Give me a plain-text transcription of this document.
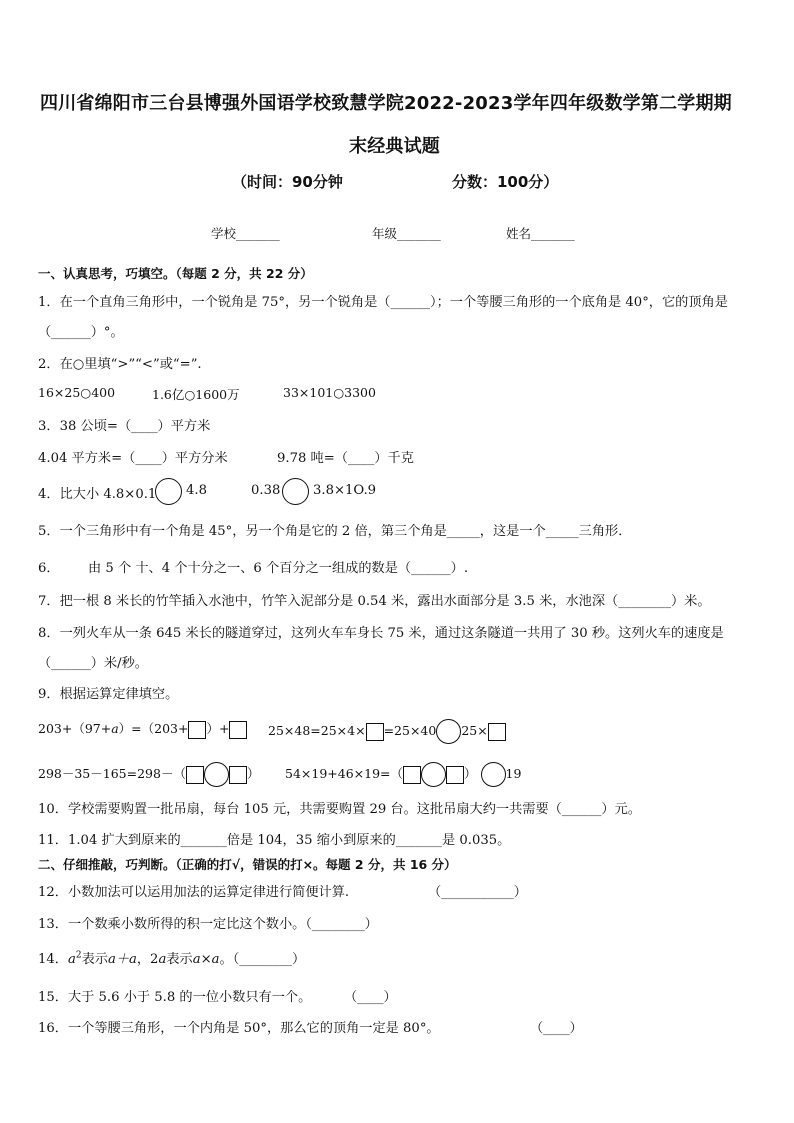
四川省绵阳市三台县博强外国语学校致慧学院2022-2023学年四年级数学第二学期期
末经典试题
（时间：90分钟	分数：100分）
学校_______	年级_______	姓名_______
一、认真思考，巧填空。（每题 2 分，共 22 分）
1．在一个直角三角形中，一个锐角是 75°，另一个锐角是（______）；一个等腰三角形的一个底角是 40°，它的顶角是
（______）°。
2．在○里填“>”“<”或“=”.
16×25○400	1.6亿○1600万	33×101○3300
3．38 公顷=（____）平方米
4.04 平方米=（____）平方分米	9.78 吨=（____）千克
4．比大小 4.8×0.1 4.8	0.38 3.8×1O.9
5．一个三角形中有一个角是 45°，另一个角是它的 2 倍，第三个角是_____，这是一个_____三角形．
6． 由 5 个 十、4 个十分之一、6 个百分之一组成的数是（______）.
7．把一根 8 米长的竹竿插入水池中，竹竿入泥部分是 0.54 米，露出水面部分是 3.5 米，水池深（________）米。
8．一列火车从一条 645 米长的隧道穿过，这列火车车身长 75 米，通过这条隧道一共用了 30 秒。这列火车的速度是
（______）米/秒。
9．根据运算定律填空。
203+（97+a）=（203+ ）+	25×48=25×4× =25×40 25×
298－35－165=298－（	） 54×19+46×19=（	） 19
10．学校需要购置一批吊扇，每台 105 元，共需要购置 29 台。这批吊扇大约一共需要（______）元。
11．1.04 扩大到原来的_______倍是 104，35 缩小到原来的_______是 0.035。
二、仔细推敲，巧判断。（正确的打√，错误的打×。每题 2 分，共 16 分）
12．小数加法可以运用加法的运算定律进行简便计算.	（___________）
13．一个数乘小数所得的积一定比这个数小。（________）
14．$a^2$表示a＋a，2a表示a×a。（________）
15．大于 5.6 小于 5.8 的一位小数只有一个。 （____）
16．一个等腰三角形，一个内角是 50°，那么它的顶角一定是 80°。	（____）
